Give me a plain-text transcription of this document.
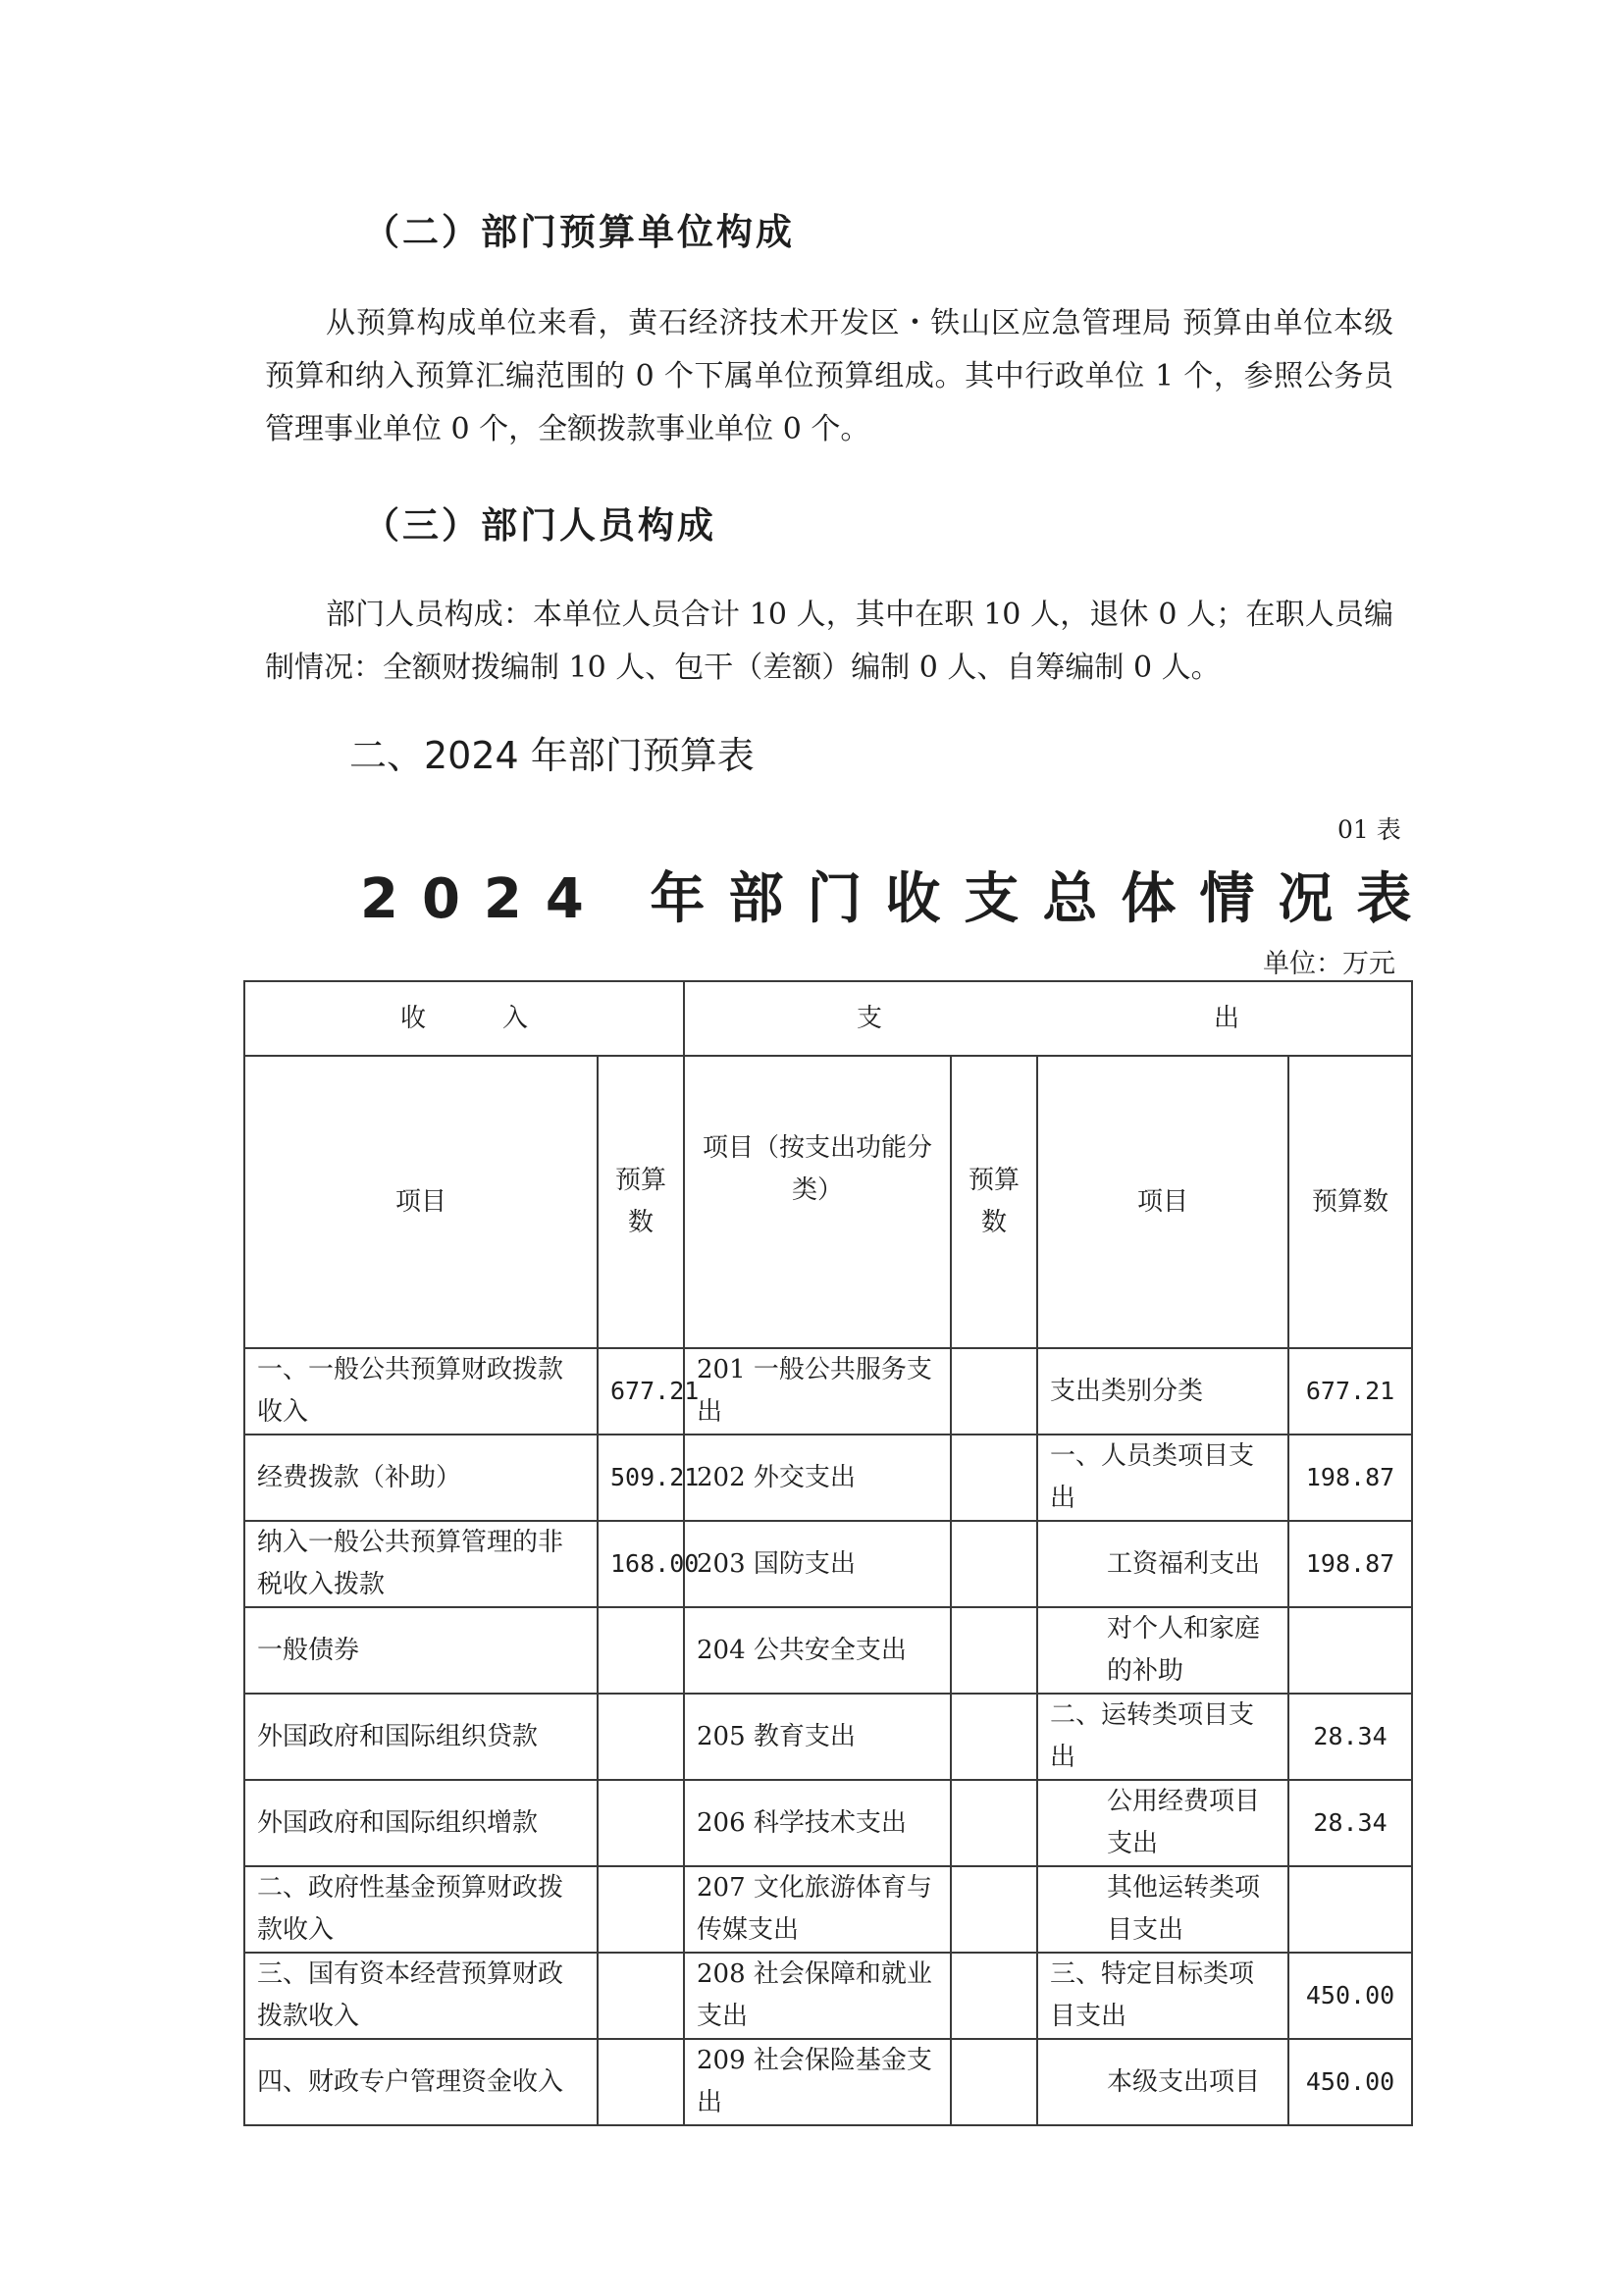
（二）部门预算单位构成
从预算构成单位来看，黄石经济技术开发区・铁山区应急管理局 预算由单位本级预算和纳入预算汇编范围的 0 个下属单位预算组成。其中行政单位 1 个，参照公务员管理事业单位 0 个，全额拨款事业单位 0 个。
（三）部门人员构成
部门人员构成：本单位人员合计 10 人，其中在职 10 人，退休 0 人；在职人员编制情况：全额财拨编制 10 人、包干（差额）编制 0 人、自筹编制 0 人。
二、2024 年部门预算表
01 表
2024 年部门收支总体情况表
单位：万元
收　　　入		支　　　　　　　　　　　　　出			
项目	预算数	项目（按支出功能分类）	预算数	项目	预算数
一、一般公共预算财政拨款收入	677.21	201 一般公共服务支出		支出类别分类	677.21
经费拨款（补助）	509.21	202 外交支出		一、人员类项目支出	198.87
纳入一般公共预算管理的非税收入拨款	168.00	203 国防支出		工资福利支出	198.87
一般债券		204 公共安全支出		对个人和家庭的补助	
外国政府和国际组织贷款		205 教育支出		二、运转类项目支出	28.34
外国政府和国际组织增款		206 科学技术支出		公用经费项目支出	28.34
二、政府性基金预算财政拨款收入		207 文化旅游体育与传媒支出		其他运转类项目支出	
三、国有资本经营预算财政拨款收入		208 社会保障和就业支出		三、特定目标类项目支出	450.00
四、财政专户管理资金收入		209 社会保险基金支出		本级支出项目	450.00
